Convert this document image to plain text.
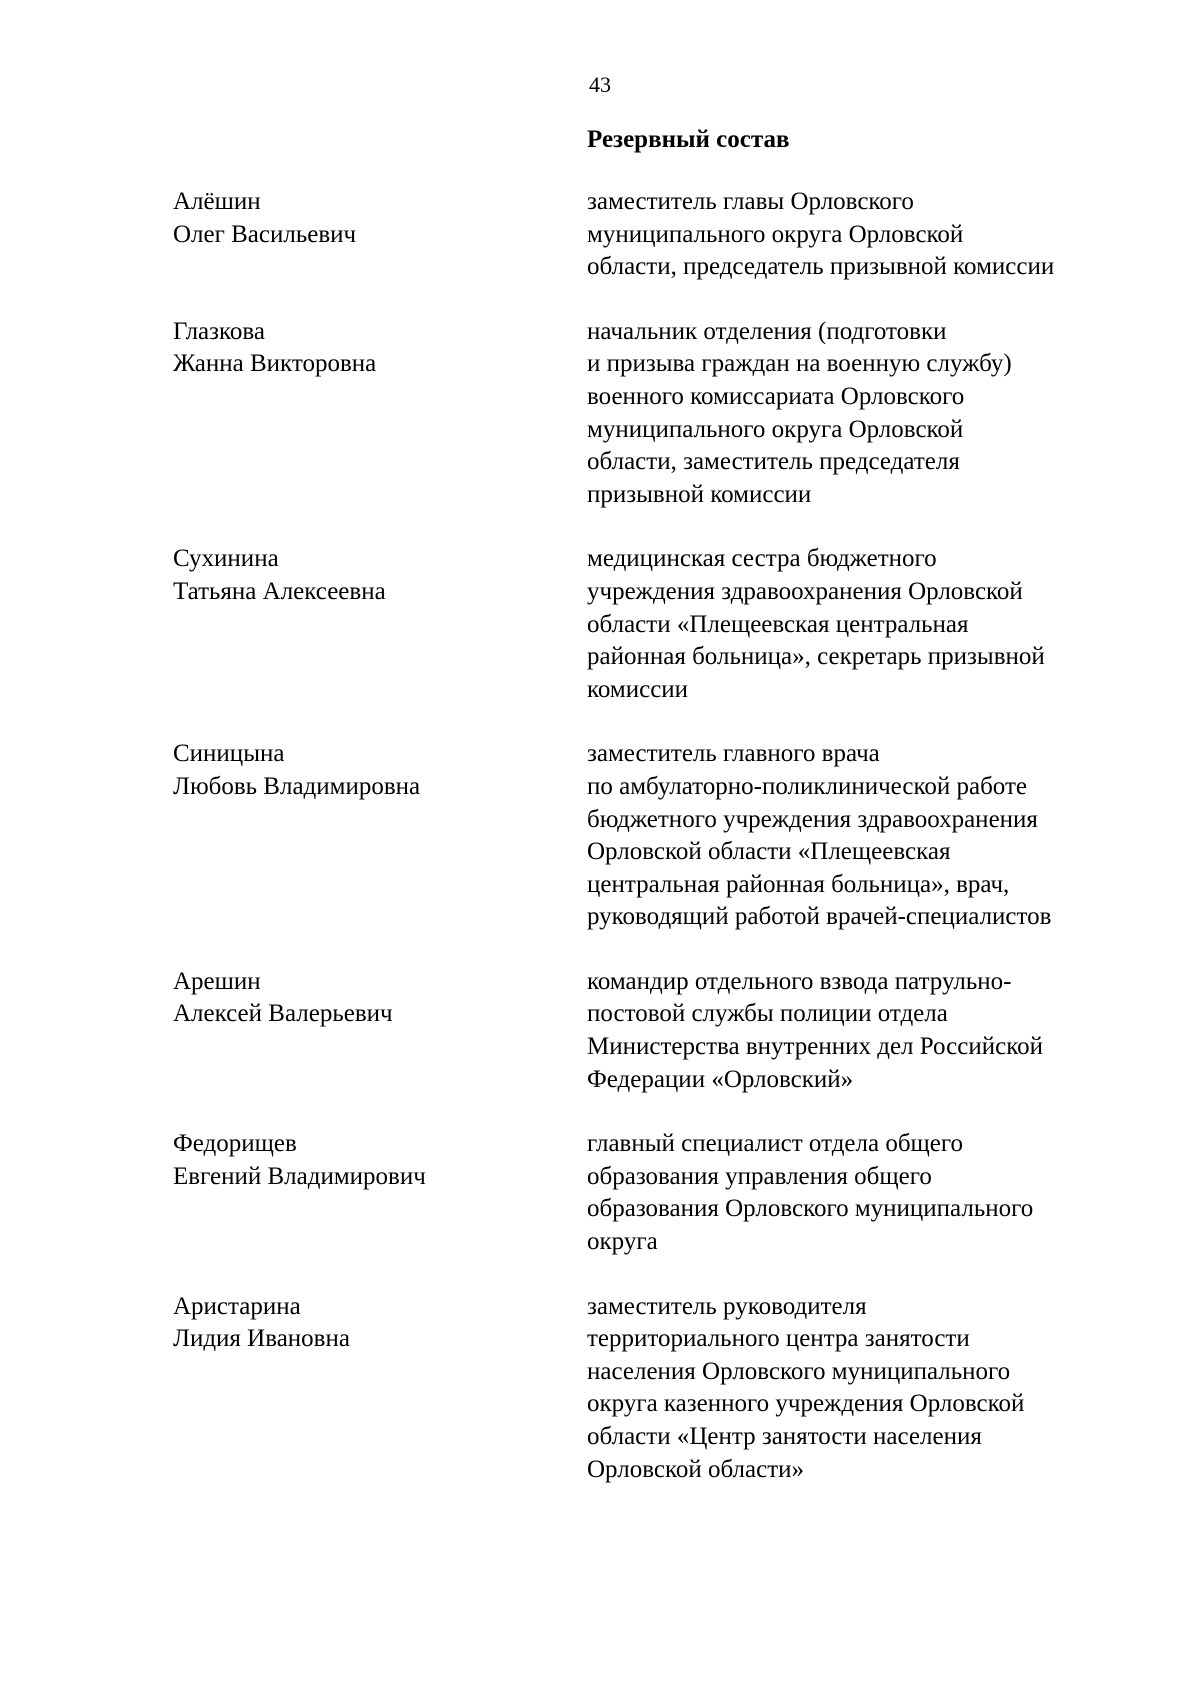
43
Резервный состав
Алёшин
Олег Васильевич
заместитель главы Орловского
муниципального округа Орловской
области, председатель призывной комиссии
Глазкова
Жанна Викторовна
начальник отделения (подготовки
и призыва граждан на военную службу)
военного комиссариата Орловского
муниципального округа Орловской
области, заместитель председателя
призывной комиссии
Сухинина
Татьяна Алексеевна
медицинская сестра бюджетного
учреждения здравоохранения Орловской
области «Плещеевская центральная
районная больница», секретарь призывной
комиссии
Синицына
Любовь Владимировна
заместитель главного врача
по амбулаторно-поликлинической работе
бюджетного учреждения здравоохранения
Орловской области «Плещеевская
центральная районная больница», врач,
руководящий работой врачей-специалистов
Арешин
Алексей Валерьевич
командир отдельного взвода патрульно-
постовой службы полиции отдела
Министерства внутренних дел Российской
Федерации «Орловский»
Федорищев
Евгений Владимирович
главный специалист отдела общего
образования управления общего
образования Орловского муниципального
округа
Аристарина
Лидия Ивановна
заместитель руководителя
территориального центра занятости
населения Орловского муниципального
округа казенного учреждения Орловской
области «Центр занятости населения
Орловской области»
